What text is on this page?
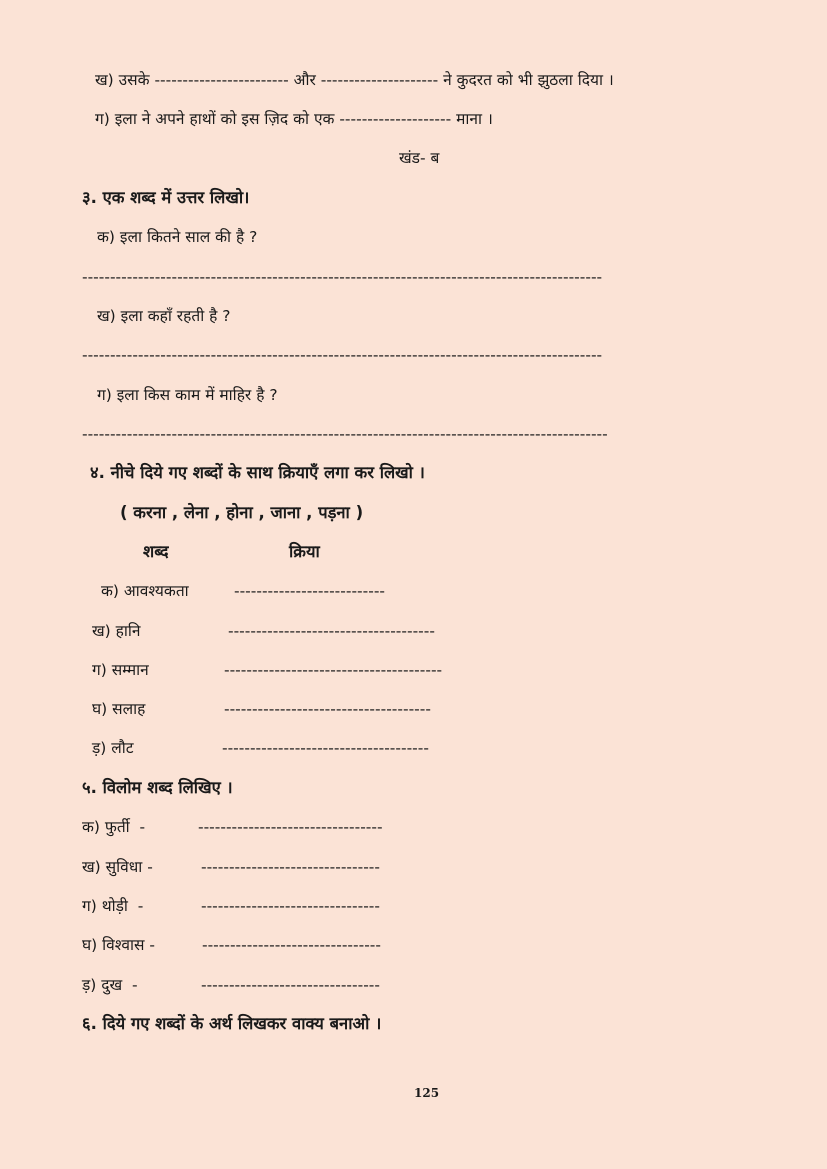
ख) उसके ------------------------ और --------------------- ने कुदरत को भी झुठला दिया ।
ग) इला ने अपने हाथों को इस ज़िद को एक -------------------- माना ।
खंड- ब
३. एक शब्द में उत्तर लिखो।
क) इला कितने साल की है ?
---------------------------------------------------------------------------------------------
ख) इला कहाँ रहती है ?
---------------------------------------------------------------------------------------------
ग) इला किस काम में माहिर है ?
----------------------------------------------------------------------------------------------
४. नीचे दिये गए शब्दों के साथ क्रियाएँ लगा कर लिखो ।
( करना , लेना , होना , जाना , पड़ना )
शब्द	क्रिया
क) आवश्यकता	---------------------------
ख) हानि	-------------------------------------
ग) सम्मान	---------------------------------------
घ) सलाह	-------------------------------------
ड़) लौट	-------------------------------------
५. विलोम शब्द लिखिए ।
क) फुर्ती  -	---------------------------------
ख) सुविधा -	--------------------------------
ग) थोड़ी  -	--------------------------------
घ) विश्वास -	--------------------------------
ड़) दुख  -	--------------------------------
६. दिये गए शब्दों के अर्थ लिखकर वाक्य बनाओ ।
125
